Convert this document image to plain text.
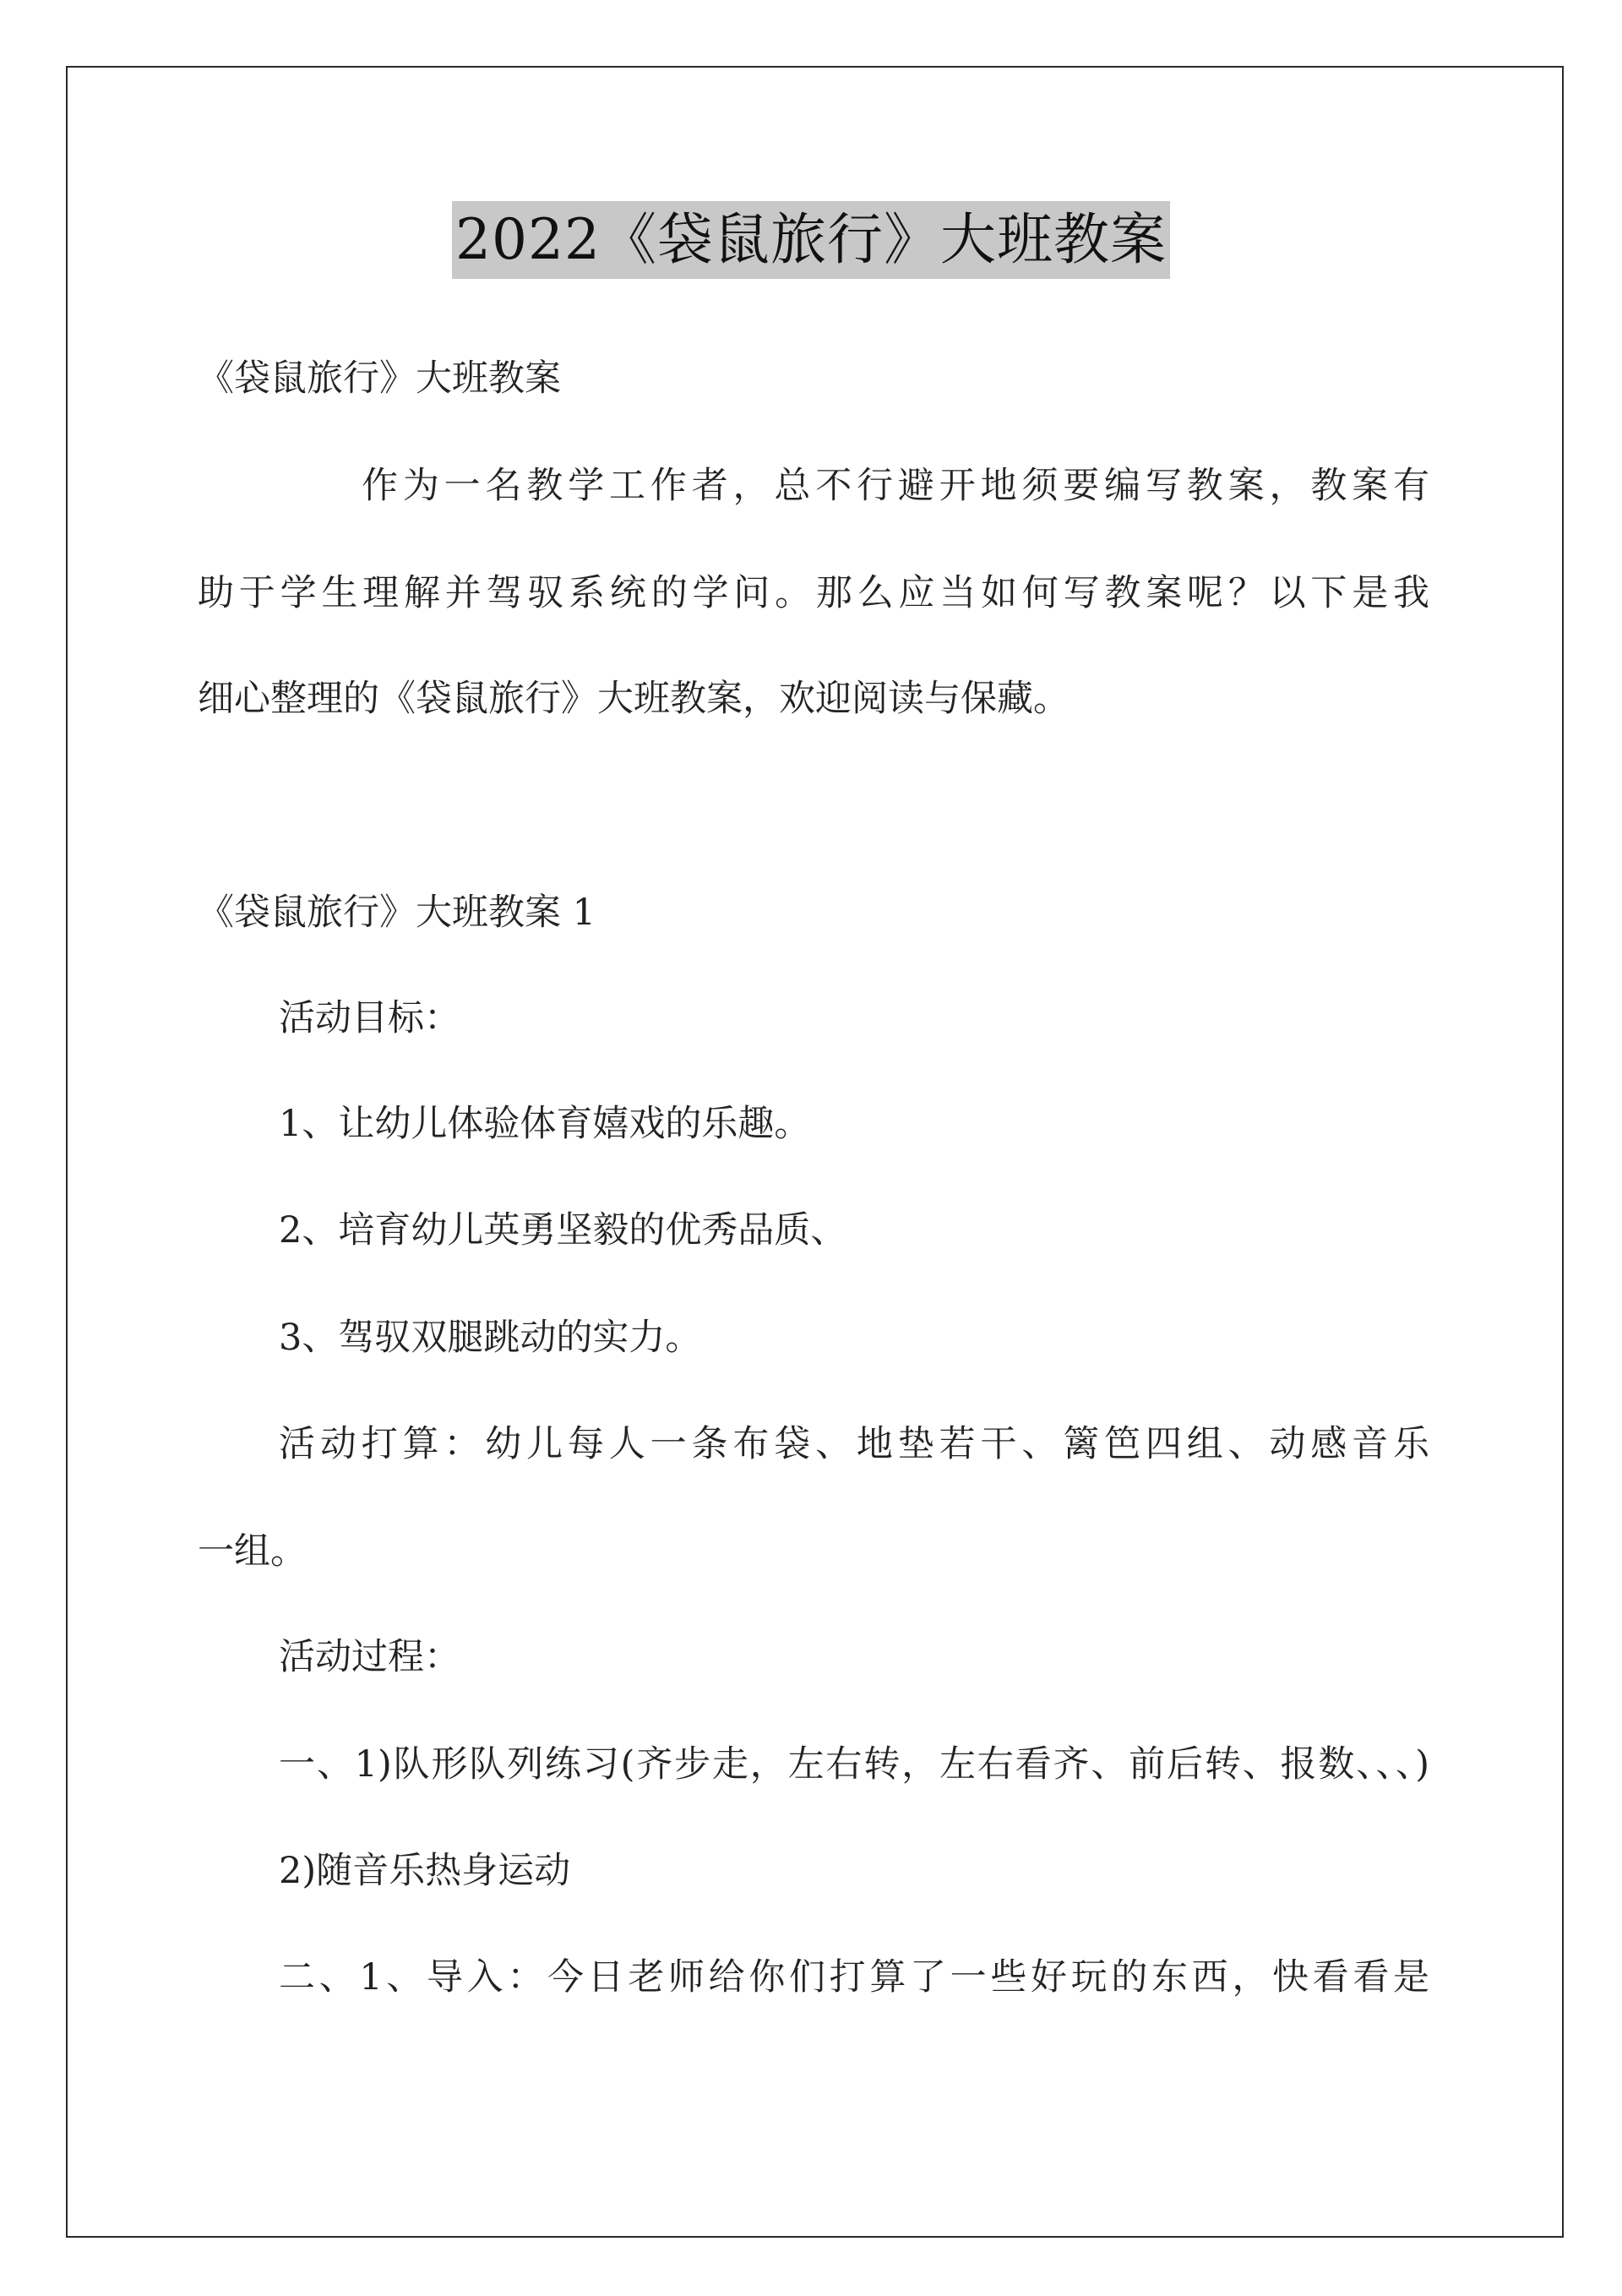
2022《袋鼠旅行》大班教案
《袋鼠旅行》大班教案
作为一名教学工作者，总不行避开地须要编写教案，教案有
助于学生理解并驾驭系统的学问。那么应当如何写教案呢？以下是我
细心整理的《袋鼠旅行》大班教案，欢迎阅读与保藏。
《袋鼠旅行》大班教案 1
活动目标：
1、让幼儿体验体育嬉戏的乐趣。
2、培育幼儿英勇坚毅的优秀品质、
3、驾驭双腿跳动的实力。
活动打算：幼儿每人一条布袋、地垫若干、篱笆四组、动感音乐
一组。
活动过程：
一、1)队形队列练习(齐步走，左右转，左右看齐、前后转、报数、、、)
2)随音乐热身运动
二、1、导入：今日老师给你们打算了一些好玩的东西，快看看是
